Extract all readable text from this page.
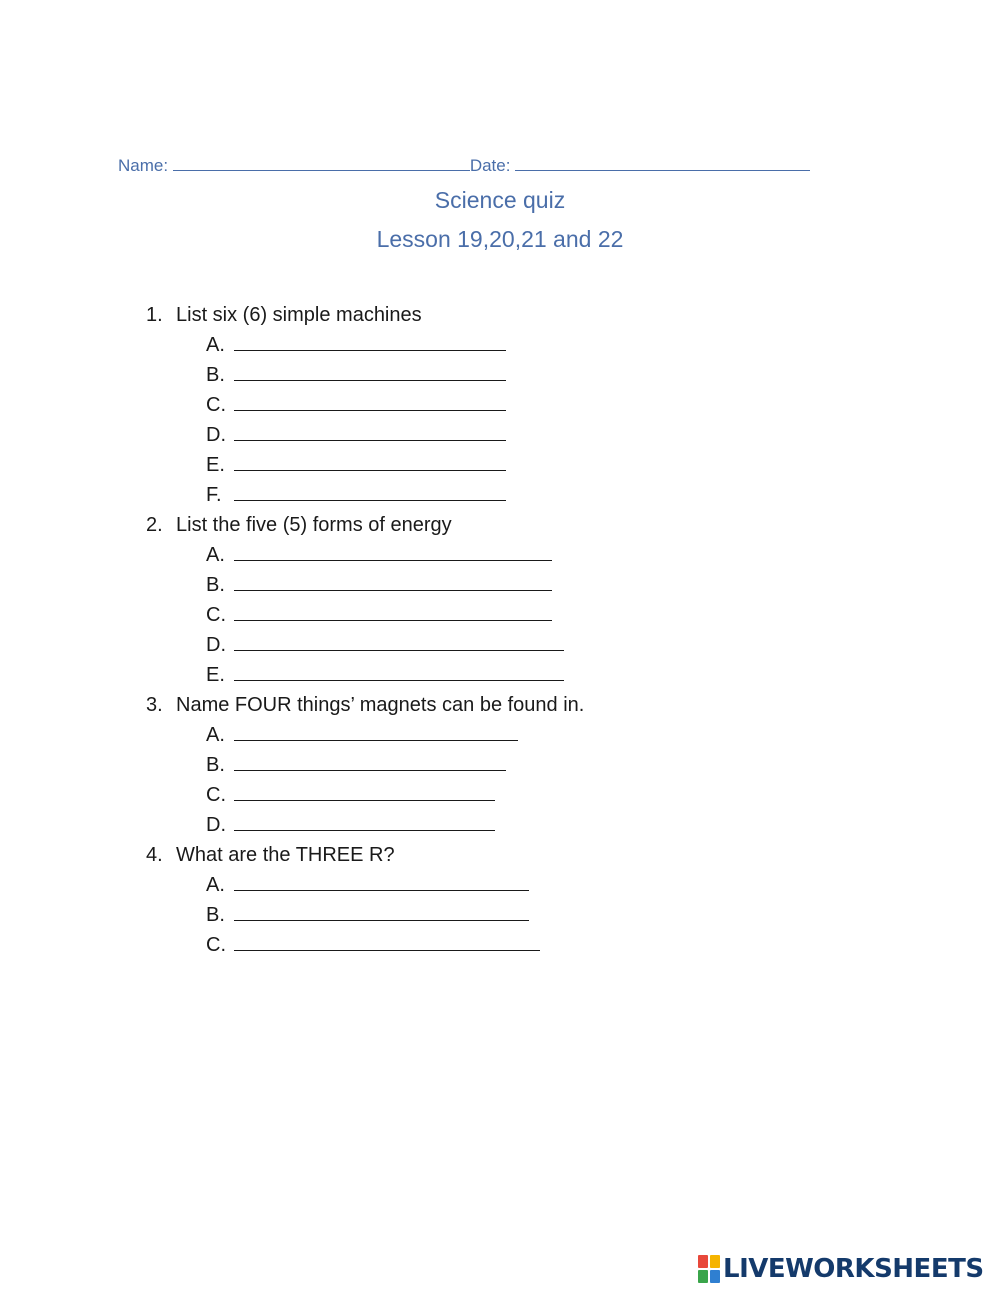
Name:	Date:
Science quiz
Lesson 19,20,21 and 22
1. List six (6) simple machines
A.
B.
C.
D.
E.
F.
2. List the five (5) forms of energy
A.
B.
C.
D.
E.
3. Name FOUR things’ magnets can be found in.
A.
B.
C.
D.
4. What are the THREE R?
A.
B.
C.
LIVEWORKSHEETS
